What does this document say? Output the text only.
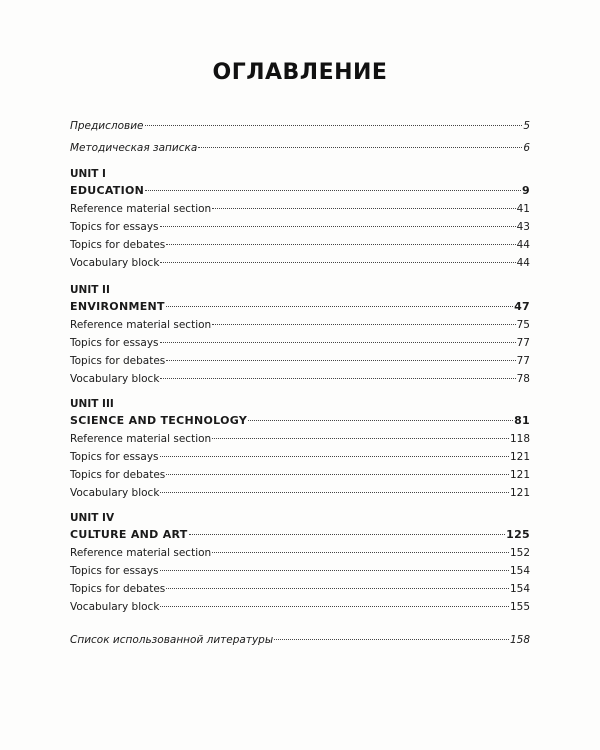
ОГЛАВЛЕНИЕ
Предисловие	5
Методическая записка	6
UNIT I
EDUCATION	9
Reference material section	41
Topics for essays	43
Topics for debates	44
Vocabulary block	44
UNIT II
ENVIRONMENT	47
Reference material section	75
Topics for essays	77
Topics for debates	77
Vocabulary block	78
UNIT III
SCIENCE AND TECHNOLOGY	81
Reference material section	118
Topics for essays	121
Topics for debates	121
Vocabulary block	121
UNIT IV
CULTURE AND ART	125
Reference material section	152
Topics for essays	154
Topics for debates	154
Vocabulary block	155
Список использованной литературы	158
